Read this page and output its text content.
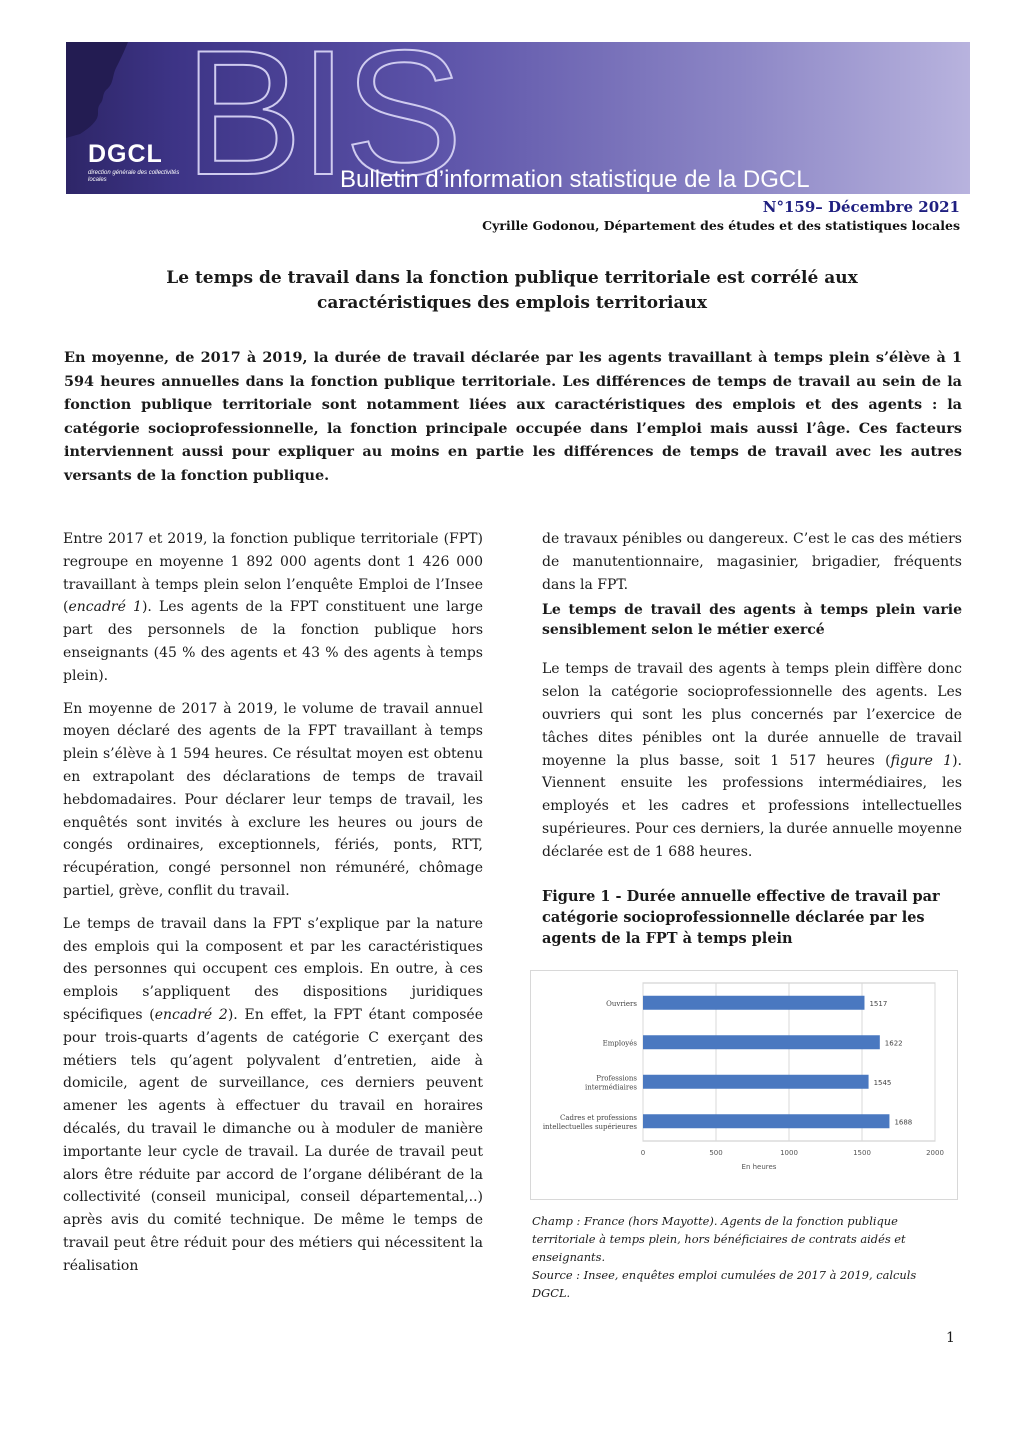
BIS
DGCL
direction générale des collectivités locales	Bulletin d’information statistique de la DGCL
N°159– Décembre 2021
Cyrille Godonou, Département des études et des statistiques locales
Le temps de travail dans la fonction publique territoriale est corrélé aux
caractéristiques des emplois territoriaux
En moyenne, de 2017 à 2019, la durée de travail déclarée par les agents travaillant à temps plein s’élève à 1 594 heures annuelles dans la fonction publique territoriale. Les différences de temps de travail au sein de la fonction publique territoriale sont notamment liées aux caractéristiques des emplois et des agents : la catégorie socioprofessionnelle, la fonction principale occupée dans l’emploi mais aussi l’âge. Ces facteurs interviennent aussi pour expliquer au moins en partie les différences de temps de travail avec les autres versants de la fonction publique.

Entre 2017 et 2019, la fonction publique territoriale (FPT) regroupe en moyenne 1 892 000 agents dont 1 426 000 travaillant à temps plein selon l’enquête Emploi de l’Insee (encadré 1). Les agents de la FPT constituent une large part des personnels de la fonction publique hors enseignants (45 % des agents et 43 % des agents à temps plein).

En moyenne de 2017 à 2019, le volume de travail annuel moyen déclaré des agents de la FPT travaillant à temps plein s’élève à 1 594 heures. Ce résultat moyen est obtenu en extrapolant des déclarations de temps de travail hebdomadaires. Pour déclarer leur temps de travail, les enquêtés sont invités à exclure les heures ou jours de congés ordinaires, exceptionnels, fériés, ponts, RTT, récupération, congé personnel non rémunéré, chômage partiel, grève, conflit du travail.

Le temps de travail dans la FPT s’explique par la nature des emplois qui la composent et par les caractéristiques des personnes qui occupent ces emplois. En outre, à ces emplois s’appliquent des dispositions juridiques spécifiques (encadré 2). En effet, la FPT étant composée pour trois-quarts d’agents de catégorie C exerçant des métiers tels qu’agent polyvalent d’entretien, aide à domicile, agent de surveillance, ces derniers peuvent amener les agents à effectuer du travail en horaires décalés, du travail le dimanche ou à moduler de manière importante leur cycle de travail. La durée de travail peut alors être réduite par accord de l’organe délibérant de la collectivité (conseil municipal, conseil départemental,..) après avis du comité technique. De même le temps de travail peut être réduit pour des métiers qui nécessitent la réalisation

de travaux pénibles ou dangereux. C’est le cas des métiers de manutentionnaire, magasinier, brigadier, fréquents dans la FPT.

Le temps de travail des agents à temps plein varie sensiblement selon le métier exercé

Le temps de travail des agents à temps plein diffère donc selon la catégorie socioprofessionnelle des agents. Les ouvriers qui sont les plus concernés par l’exercice de tâches dites pénibles ont la durée annuelle de travail moyenne la plus basse, soit 1 517 heures (figure 1). Viennent ensuite les professions intermédiaires, les employés et les cadres et professions intellectuelles supérieures. Pour ces derniers, la durée annuelle moyenne déclarée est de 1 688 heures.

Figure 1 - Durée annuelle effective de travail par catégorie socioprofessionnelle déclarée par les agents de la FPT à temps plein
0	500	1000	1500	2000
En heures
1517
Ouvriers
1622
Employés
1545
Professions intermédiaires
1688
Cadres et professions intellectuelles supérieures

Champ : France (hors Mayotte). Agents de la fonction publique territoriale à temps plein, hors bénéficiaires de contrats aidés et enseignants.

Source : Insee, enquêtes emploi cumulées de 2017 à 2019, calculs DGCL.

1
